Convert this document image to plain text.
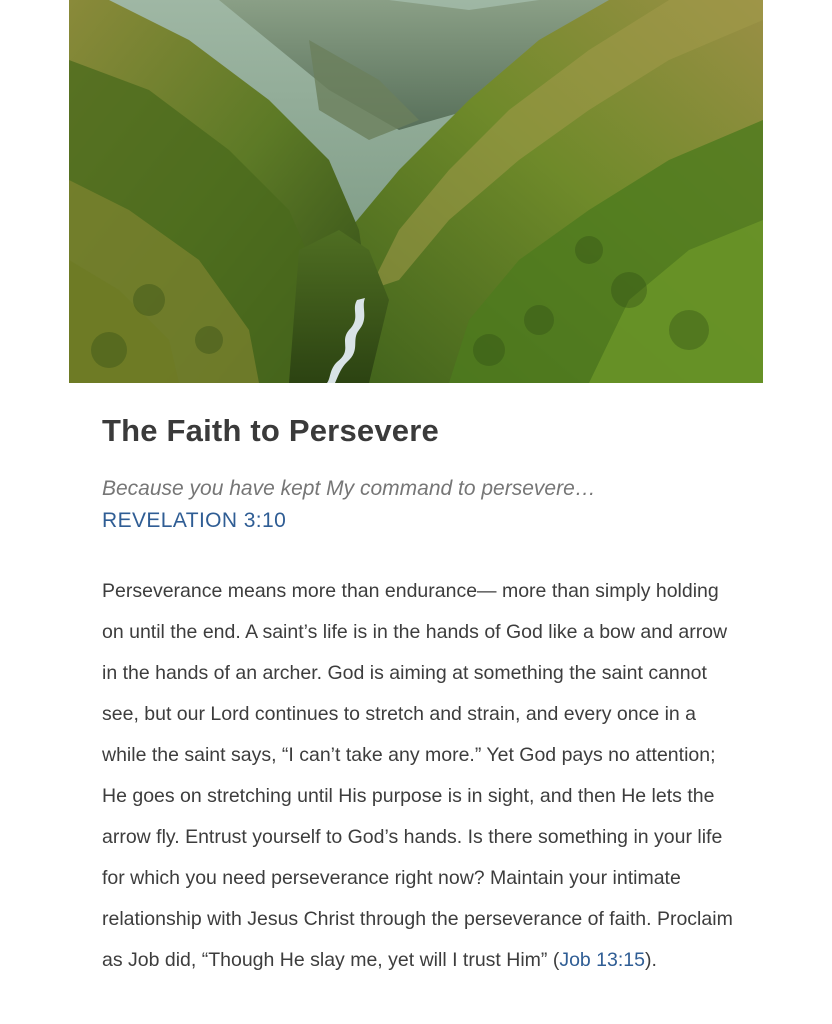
The Faith to Persevere
Because you have kept My command to persevere…
REVELATION 3:10
Perseverance means more than endurance— more than simply holding on until the end. A saint’s life is in the hands of God like a bow and arrow in the hands of an archer. God is aiming at something the saint cannot see, but our Lord continues to stretch and strain, and every once in a while the saint says, “I can’t take any more.” Yet God pays no attention; He goes on stretching until His purpose is in sight, and then He lets the arrow fly. Entrust yourself to God’s hands. Is there something in your life for which you need perseverance right now? Maintain your intimate relationship with Jesus Christ through the perseverance of faith. Proclaim as Job did, “Though He slay me, yet will I trust Him” (Job 13:15).
